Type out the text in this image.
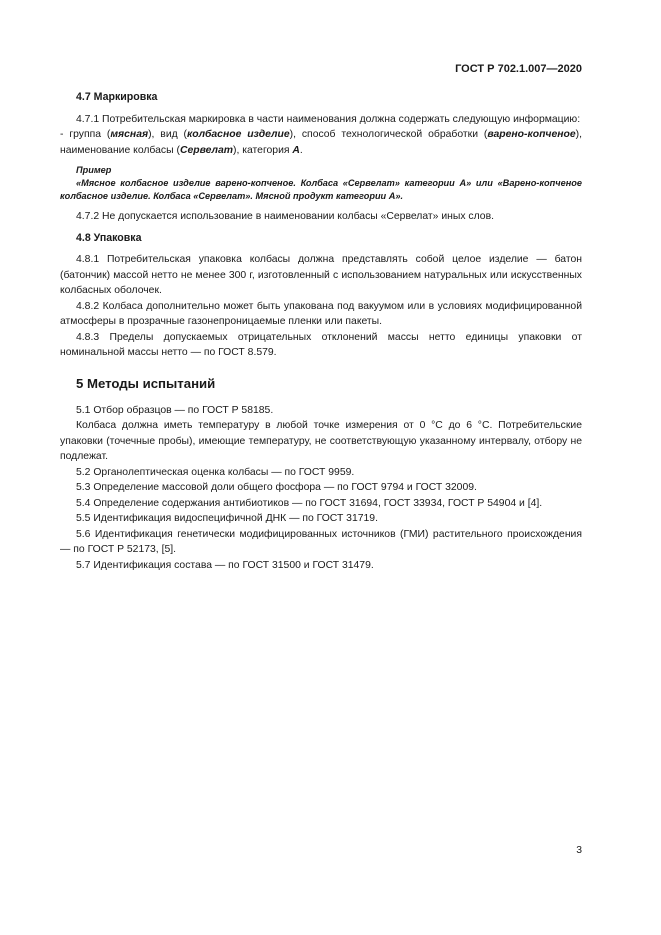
ГОСТ Р 702.1.007—2020
4.7 Маркировка

4.7.1 Потребительская маркировка в части наименования должна содержать следующую информацию:

- группа (мясная), вид (колбасное изделие), способ технологической обработки (варено-копченое), наименование колбасы (Сервелат), категория А.

Пример

«Мясное колбасное изделие варено-копченое. Колбаса «Сервелат» категории А» или «Варено-копченое колбасное изделие. Колбаса «Сервелат». Мясной продукт категории А».

4.7.2 Не допускается использование в наименовании колбасы «Сервелат» иных слов.

4.8 Упаковка

4.8.1 Потребительская упаковка колбасы должна представлять собой целое изделие — батон (батончик) массой нетто не менее 300 г, изготовленный с использованием натуральных или искусственных колбасных оболочек.

4.8.2 Колбаса дополнительно может быть упакована под вакуумом или в условиях модифицированной атмосферы в прозрачные газонепроницаемые пленки или пакеты.

4.8.3 Пределы допускаемых отрицательных отклонений массы нетто единицы упаковки от номинальной массы нетто — по ГОСТ 8.579.

5 Методы испытаний

5.1 Отбор образцов — по ГОСТ Р 58185.

Колбаса должна иметь температуру в любой точке измерения от 0 °С до 6 °С. Потребительские упаковки (точечные пробы), имеющие температуру, не соответствующую указанному интервалу, отбору не подлежат.

5.2 Органолептическая оценка колбасы — по ГОСТ 9959.

5.3 Определение массовой доли общего фосфора — по ГОСТ 9794 и ГОСТ 32009.

5.4 Определение содержания антибиотиков — по ГОСТ 31694, ГОСТ 33934, ГОСТ Р 54904 и [4].

5.5 Идентификация видоспецифичной ДНК — по ГОСТ 31719.

5.6 Идентификация генетически модифицированных источников (ГМИ) растительного происхождения — по ГОСТ Р 52173, [5].

5.7 Идентификация состава — по ГОСТ 31500 и ГОСТ 31479.

3
